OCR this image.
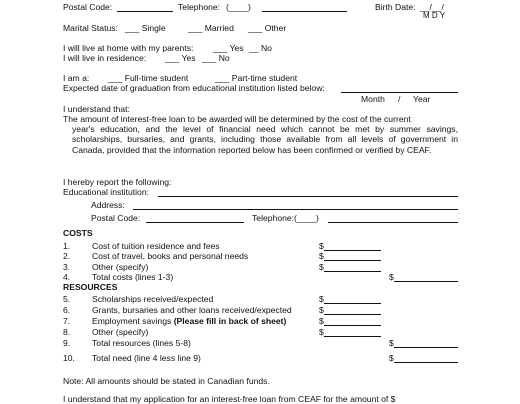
Postal Code:	Telephone: (____)	Birth Date: __/__/
M D Y
Marital Status: ___ Single	___ Married ___ Other
I will live at home with my parents: ___ Yes __ No
I will live in residence: ___ Yes ___ No
I am a: ___ Full-time student	___ Part-time student
Expected date of graduation from educational institution listed below:
Month / Year
I understand that:
The amount of interest-free loan to be awarded will be determined by the cost of the current
year's education, and the level of financial need which cannot be met by summer savings, scholarships, bursaries, and grants, including those available from all levels of government in Canada, provided that the information reported below has been confirmed or verified by CEAF.
I hereby report the following:
Educational institution:
Address:
Postal Code:	Telephone:(____)
COSTS
1.	Cost of tuition residence and fees	$
2.	Cost of travel, books and personal needs	$
3.	Other (specify)	$
4.	Total costs (lines 1-3)	$
RESOURCES
5.	Scholarships received/expected	$
6.	Grants, bursaries and other loans received/expected	$
7.	Employment savings (Please fill in back of sheet)	$
8.	Other (specify)	$
9.	Total resources (lines 5-8)	$
10. Total need (line 4 less line 9)	$
Note: All amounts should be stated in Canadian funds.
I understand that my application for an interest-free loan from CEAF for the amount of $
